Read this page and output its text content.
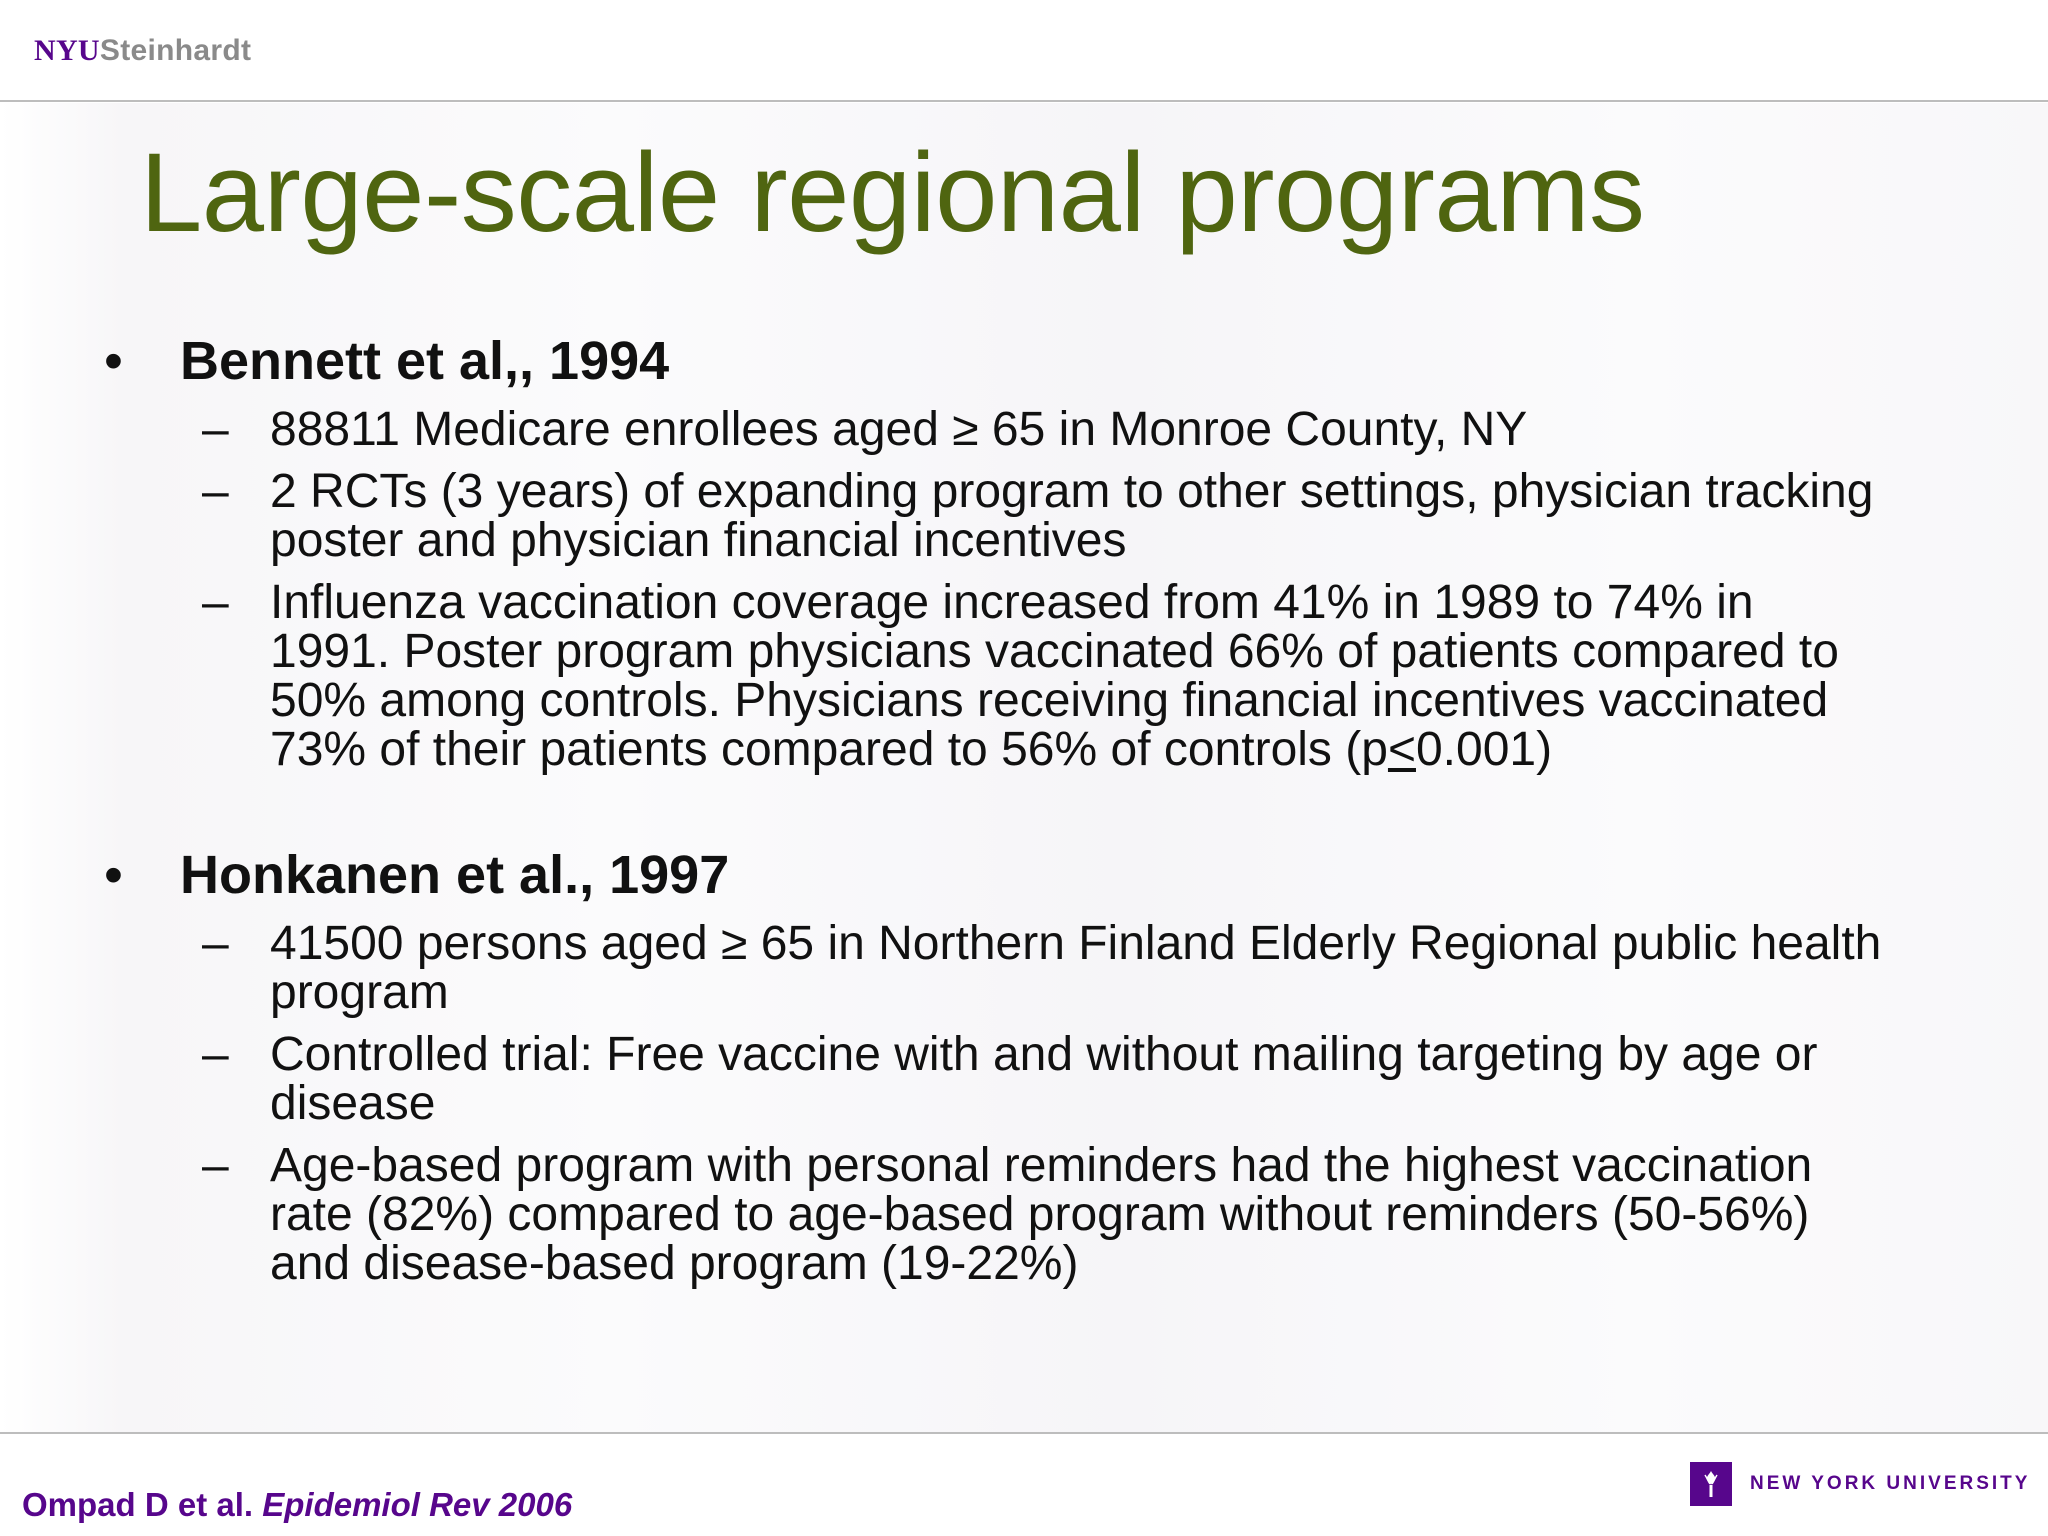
NYUSteinhardt
Large-scale regional programs
• Bennett et al,, 1994
– 88811 Medicare enrollees aged ≥ 65 in Monroe County, NY
– 2 RCTs (3 years) of expanding program to other settings, physician tracking poster and physician financial incentives
– Influenza vaccination coverage increased from 41% in 1989 to 74% in 1991. Poster program physicians vaccinated 66% of patients compared to 50% among controls. Physicians receiving financial incentives vaccinated 73% of their patients compared to 56% of controls (p≤0.001)
• Honkanen et al., 1997
– 41500 persons aged ≥ 65 in Northern Finland Elderly Regional public health program
– Controlled trial: Free vaccine with and without mailing targeting by age or disease
– Age-based program with personal reminders had the highest vaccination rate (82%) compared to age-based program without reminders (50-56%) and disease-based program (19-22%)
Ompad D et al. Epidemiol Rev 2006
NEW YORK UNIVERSITY
